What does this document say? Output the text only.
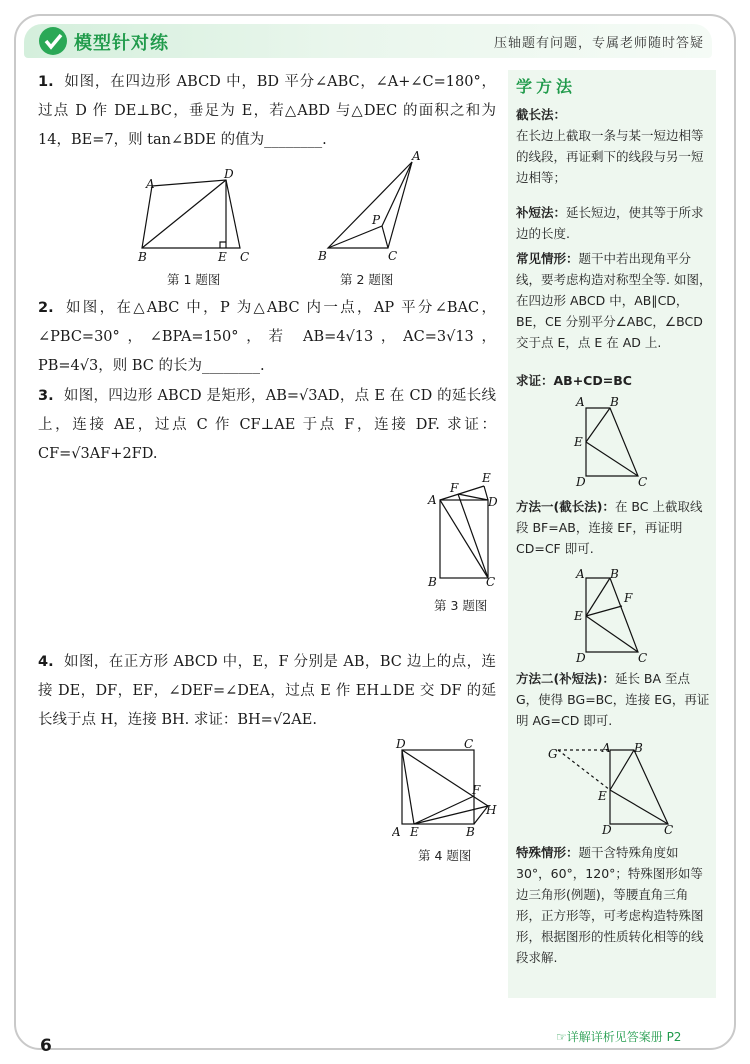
模型针对练	压轴题有问题，专属老师随时答疑
1. 如图，在四边形 ABCD 中，BD 平分∠ABC，∠A+∠C=180°，过点 D 作 DE⊥BC，垂足为 E，若△ABD 与△DEC 的面积之和为 14，BE=7，则 tan∠BDE 的值为________.
A
D
B	E C
第 1 题图
A
P
B	C
第 2 题图
2. 如图，在△ABC 中，P 为△ABC 内一点，AP 平分∠BAC，∠PBC=30°，∠BPA=150°，若 AB=4√13，AC=3√13，PB=4√3，则 BC 的长为________.
3. 如图，四边形 ABCD 是矩形，AB=√3AD，点 E 在 CD 的延长线上，连接 AE，过点 C 作 CF⊥AE 于点 F，连接 DF. 求证：CF=√3AF+2FD.
A
F
E
D
B	C
第 3 题图
4. 如图，在正方形 ABCD 中，E，F 分别是 AB，BC 边上的点，连接 DE，DF，EF，∠DEF=∠DEA，过点 E 作 EH⊥DE 交 DF 的延长线于点 H，连接 BH. 求证：BH=√2AE.
D	C
F
H
A E	B
第 4 题图
学方法
截长法：
在长边上截取一条与某一短边相等的线段，再证剩下的线段与另一短边相等；
补短法：延长短边，使其等于所求边的长度.
常见情形：题干中若出现角平分线，要考虑构造对称型全等. 如图，在四边形 ABCD 中，AB∥CD，BE，CE 分别平分∠ABC，∠BCD 交于点 E，点 E 在 AD 上.
求证：AB+CD=BC
A B
E
D	C
方法一(截长法)：在 BC 上截取线段 BF=AB，连接 EF，再证明 CD=CF 即可.
A B
F
E
D	C
方法二(补短法)：延长 BA 至点 G，使得 BG=BC，连接 EG，再证明 AG=CD 即可.
G	A B
E
D	C
特殊情形：题干含特殊角度如 30°，60°，120°；特殊图形如等边三角形(例题)，等腰直角三角形，正方形等，可考虑构造特殊图形，根据图形的性质转化相等的线段求解.
☞详解详析见答案册 P2
6
